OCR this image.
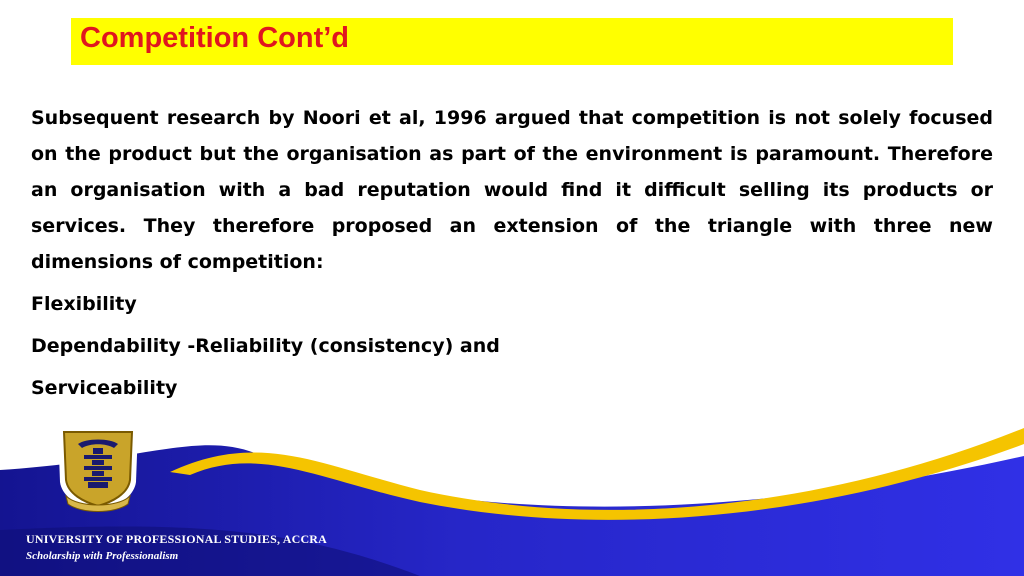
Competition Cont’d

Subsequent research by Noori et al, 1996 argued that competition is not solely focused on the product but the organisation as part of the environment is paramount. Therefore an organisation with a bad reputation would find it difficult selling its products or services. They therefore proposed an extension of the triangle with three new dimensions of competition:

Flexibility

Dependability -Reliability (consistency) and

Serviceability

UNIVERSITY OF PROFESSIONAL STUDIES, ACCRA
Scholarship with Professionalism
